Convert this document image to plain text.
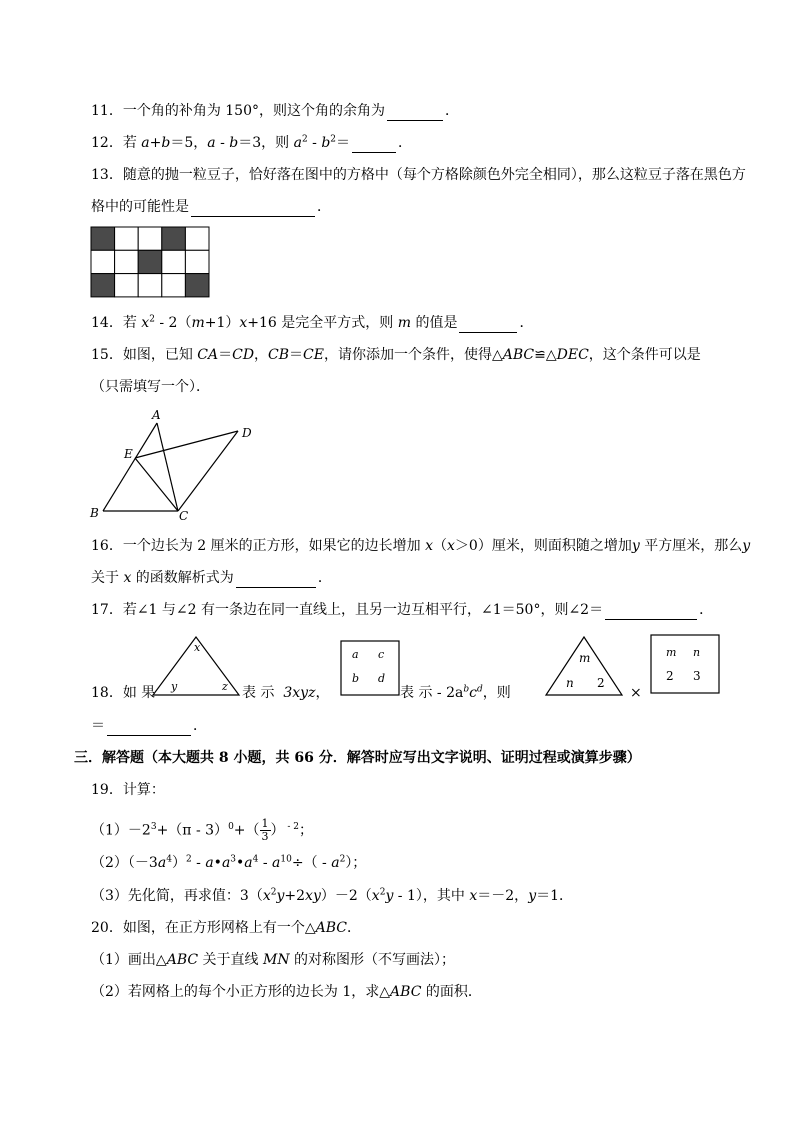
11．一个角的补角为 150°，则这个角的余角为	．
12．若 a+b＝5，a - b＝3，则 $a^2 - b^2=$	．
13．随意的抛一粒豆子，恰好落在图中的方格中（每个方格除颜色外完全相同），那么这粒豆子落在黑色方
格中的可能性是	．
14．若 $x^2 - 2(m+1)x+16$ 是完全平方式，则 m 的值是	．
15．如图，已知 CA＝CD，CB＝CE，请你添加一个条件，使得△ABC≌△DEC，这个条件可以是
（只需填写一个）．
A
B	C
D
E
16．一个边长为 2 厘米的正方形，如果它的边长增加 x（x＞0）厘米，则面积随之增加y 平方厘米，那么y
关于 x 的函数解析式为	．
17．若∠1 与∠2 有一条边在同一直线上，且另一边互相平行，∠1＝50°，则∠2＝	．
18．如 果
x
y	z 表 示 3xyz，
a c
b d
表 示 - $2a^bc^d$，则
m
n 2
×
m n
2 3
＝	．
三．解答题（本大题共 8 小题，共 66 分．解答时应写出文字说明、证明过程或演算步骤）
19．计算：
$(1)-2^3+(\pi - 3)^0+( \frac{1}{3}$ ） $^{- 2}$；
$(2)(-3a^4)^2$ - $a•a^3•a^4 - a^{10}\div( - a^2)$；
（3）先化简，再求值：$3(x^2y+2xy)-2(x^2y - 1)$，其中 x＝－2，y＝1．
20．如图，在正方形网格上有一个△ABC．
（1）画出△ABC 关于直线 MN 的对称图形（不写画法）；
（2）若网格上的每个小正方形的边长为 1，求△ABC 的面积．
